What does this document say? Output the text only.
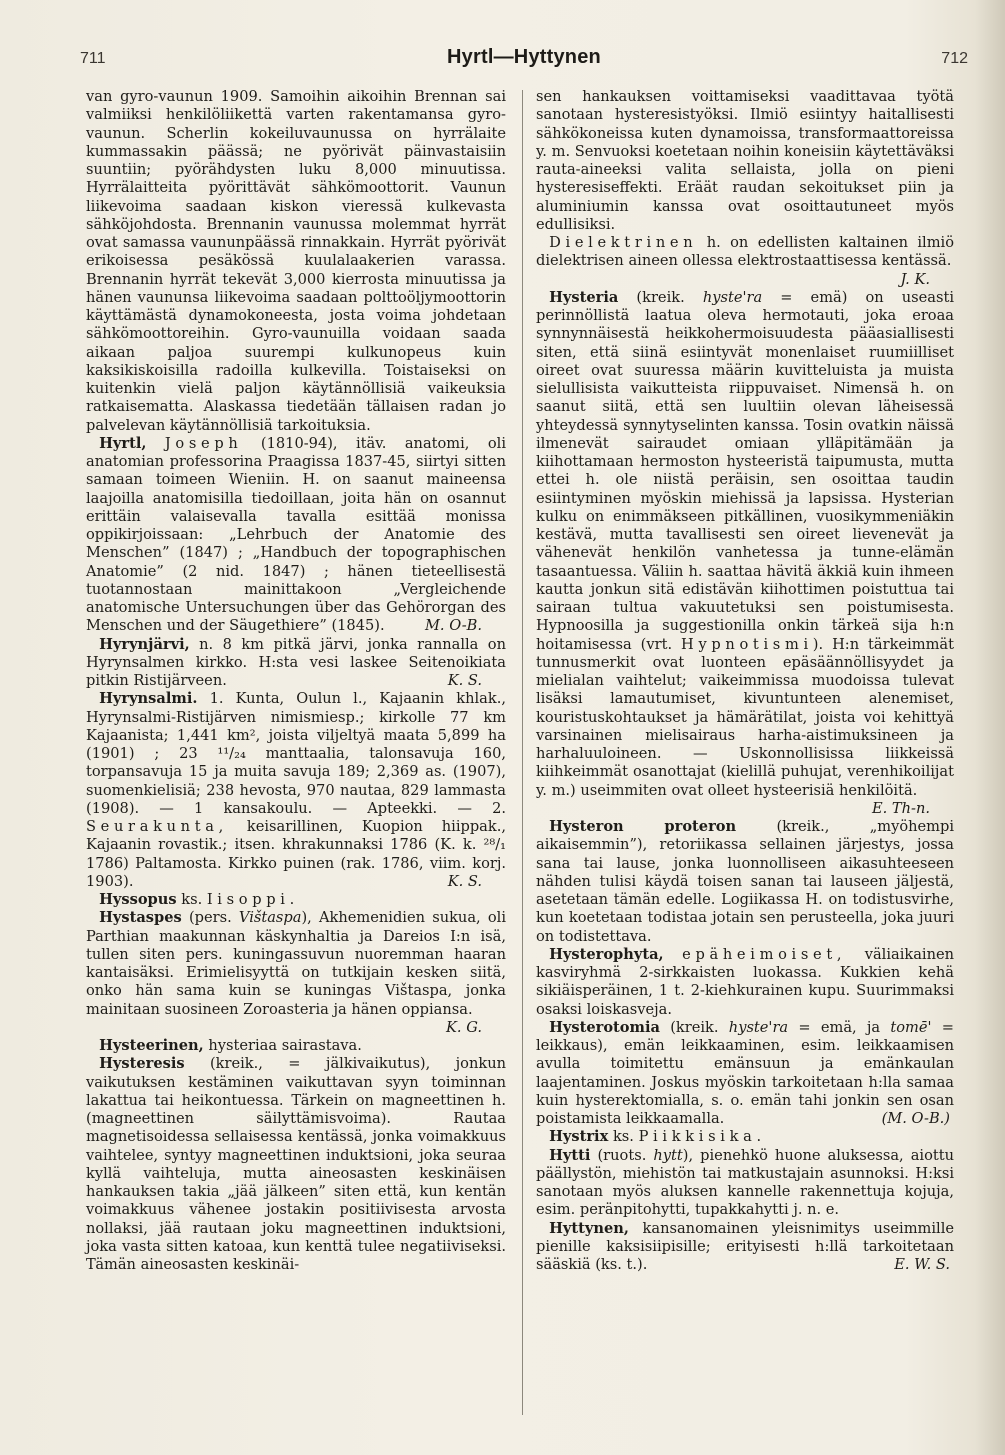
711	Hyrtl—Hyttynen	712

van gyro-vaunun 1909. Samoihin aikoihin Brennan sai valmiiksi henkilöliikettä varten rakentamansa gyro-vaunun. Scherlin kokeiluvaunussa on hyrrälaite kummassakin päässä; ne pyörivät päinvastaisiin suuntiin; pyörähdysten luku 8,000 minuutissa. Hyrrälaitteita pyörittävät sähkömoottorit. Vaunun liikevoima saadaan kiskon vieressä kulkevasta sähköjohdosta. Brennanin vaunussa molemmat hyrrät ovat samassa vaununpäässä rinnakkain. Hyrrät pyörivät erikoisessa pesäkössä kuulalaakerien varassa. Brennanin hyrrät tekevät 3,000 kierrosta minuutissa ja hänen vaununsa liikevoima saadaan polttoöljymoottorin käyttämästä dynamokoneesta, josta voima johdetaan sähkömoottoreihin. Gyro-vaunuilla voidaan saada aikaan paljoa suurempi kulkunopeus kuin kaksikiskoisilla radoilla kulkevilla. Toistaiseksi on kuitenkin vielä paljon käytännöllisiä vaikeuksia ratkaisematta. Alaskassa tiedetään tällaisen radan jo palvelevan käytännöllisiä tarkoituksia.

Hyrtl, Joseph (1810-94), itäv. anatomi, oli anatomian professorina Praagissa 1837-45, siirtyi sitten samaan toimeen Wieniin. H. on saanut maineensa laajoilla anatomisilla tiedoillaan, joita hän on osannut erittäin valaisevalla tavalla esittää monissa oppikirjoissaan: „Lehrbuch der Anatomie des Menschen” (1847) ; „Handbuch der topographischen Anatomie” (2 nid. 1847) ; hänen tieteellisestä tuotannostaan mainittakoon „Vergleichende anatomische Untersuchungen über das Gehörorgan des Menschen und der Säugethiere” (1845).	M. O-B.

Hyrynjärvi, n. 8 km pitkä järvi, jonka rannalla on Hyrynsalmen kirkko. H:sta vesi laskee Seitenoikiata pitkin Ristijärveen.	K. S.

Hyrynsalmi. 1. Kunta, Oulun l., Kajaanin khlak., Hyrynsalmi-Ristijärven nimismiesp.; kirkolle 77 km Kajaanista; 1,441 km², joista viljeltyä maata 5,899 ha (1901) ; 23 ¹¹/₂₄ manttaalia, talonsavuja 160, torpansavuja 15 ja muita savuja 189; 2,369 as. (1907), suomenkielisiä; 238 hevosta, 970 nautaa, 829 lammasta (1908). — 1 kansakoulu. — Apteekki. — 2. Seurakunta, keisarillinen, Kuopion hiippak., Kajaanin rovastik.; itsen. khrakunnaksi 1786 (K. k. ²⁸/₁ 1786) Paltamosta. Kirkko puinen (rak. 1786, viim. korj. 1903).	K. S.

Hyssopus ks. Iisoppi.

Hystaspes (pers. Vištaspa), Akhemenidien sukua, oli Parthian maakunnan käskynhaltia ja Dareios I:n isä, tullen siten pers. kuningassuvun nuoremman haaran kantaisäksi. Erimielisyyttä on tutkijain kesken siitä, onko hän sama kuin se kuningas Vištaspa, jonka mainitaan suosineen Zoroasteria ja hänen oppiansa.
K. G.

Hysteerinen, hysteriaa sairastava.

Hysteresis (kreik., = jälkivaikutus), jonkun vaikutuksen kestäminen vaikuttavan syyn toiminnan lakattua tai heikontuessa. Tärkein on magneettinen h. (magneettinen säilyttämisvoima). Rautaa magnetisoidessa sellaisessa kentässä, jonka voimakkuus vaihtelee, syntyy magneettinen induktsioni, joka seuraa kyllä vaihteluja, mutta aineosasten keskinäisen hankauksen takia „jää jälkeen” siten että, kun kentän voimakkuus vähenee jostakin positiivisesta arvosta nollaksi, jää rautaan joku magneettinen induktsioni, joka vasta sitten katoaa, kun kenttä tulee negatiiviseksi. Tämän aineosasten keskinäi-

sen hankauksen voittamiseksi vaadittavaa työtä sanotaan hysteresistyöksi. Ilmiö esiintyy haitallisesti sähkökoneissa kuten dynamoissa, transformaattoreissa y. m. Senvuoksi koetetaan noihin koneisiin käytettäväksi rauta-aineeksi valita sellaista, jolla on pieni hysteresiseffekti. Eräät raudan sekoitukset piin ja aluminiumin kanssa ovat osoittautuneet myös edullisiksi.

Dielektrinen h. on edellisten kaltainen ilmiö dielektrisen aineen ollessa elektrostaattisessa kentässä.
J. K.

Hysteria (kreik. hyste'ra = emä) on useasti perinnöllistä laatua oleva hermotauti, joka eroaa synnynnäisestä heikkohermoisuudesta pääasiallisesti siten, että siinä esiintyvät monenlaiset ruumiilliset oireet ovat suuressa määrin kuvitteluista ja muista sielullisista vaikutteista riippuvaiset. Nimensä h. on saanut siitä, että sen luultiin olevan läheisessä yhteydessä synnytyselinten kanssa. Tosin ovatkin näissä ilmenevät sairaudet omiaan ylläpitämään ja kiihottamaan hermoston hysteeristä taipumusta, mutta ettei h. ole niistä peräisin, sen osoittaa taudin esiintyminen myöskin miehissä ja lapsissa. Hysterian kulku on enimmäkseen pitkällinen, vuosikymmeniäkin kestävä, mutta tavallisesti sen oireet lievenevät ja vähenevät henkilön vanhetessa ja tunne-elämän tasaantuessa. Väliin h. saattaa hävitä äkkiä kuin ihmeen kautta jonkun sitä edistävän kiihottimen poistuttua tai sairaan tultua vakuutetuksi sen poistumisesta. Hypnoosilla ja suggestionilla onkin tärkeä sija h:n hoitamisessa (vrt. Hypnotismi). H:n tärkeimmät tunnusmerkit ovat luonteen epäsäännöllisyydet ja mielialan vaihtelut; vaikeimmissa muodoissa tulevat lisäksi lamautumiset, kivuntunteen alenemiset, kouristuskohtaukset ja hämärätilat, joista voi kehittyä varsinainen mielisairaus harha-aistimuksineen ja harhaluuloineen. — Uskonnollisissa liikkeissä kiihkeimmät osanottajat (kielillä puhujat, verenhikoilijat y. m.) useimmiten ovat olleet hysteerisiä henkilöitä.
E. Th-n.

Hysteron proteron	(kreik., „myöhempi aikaisemmin”), retoriikassa sellainen järjestys, jossa sana tai lause, jonka luonnolliseen aikasuhteeseen nähden tulisi käydä toisen sanan tai lauseen jäljestä, asetetaan tämän edelle. Logiikassa H. on todistusvirhe, kun koetetaan todistaa jotain sen perusteella, joka juuri on todistettava.

Hysterophyta, epäheimoiset, väliaikainen kasviryhmä 2-sirkkaisten luokassa. Kukkien kehä sikiäisperäinen, 1 t. 2-kiehkurainen kupu. Suurimmaksi osaksi loiskasveja.

Hysterotomia (kreik. hyste'ra = emä, ja tomē' = leikkaus), emän leikkaaminen, esim. leikkaamisen avulla toimitettu emänsuun ja emänkaulan laajentaminen. Joskus myöskin tarkoitetaan h:lla samaa kuin hysterektomialla, s. o. emän tahi jonkin sen osan poistamista leikkaamalla.	(M. O-B.)

Hystrix ks. Piikkisika.

Hytti (ruots. hytt), pienehkö huone aluksessa, aiottu päällystön, miehistön tai matkustajain asunnoksi. H:ksi sanotaan myös aluksen kannelle rakennettuja kojuja, esim. peränpitohytti, tupakkahytti j. n. e.

Hyttynen, kansanomainen yleisnimitys useimmille pienille kaksisiipisille; erityisesti h:llä tarkoitetaan sääskiä (ks. t.).	E. W. S.
